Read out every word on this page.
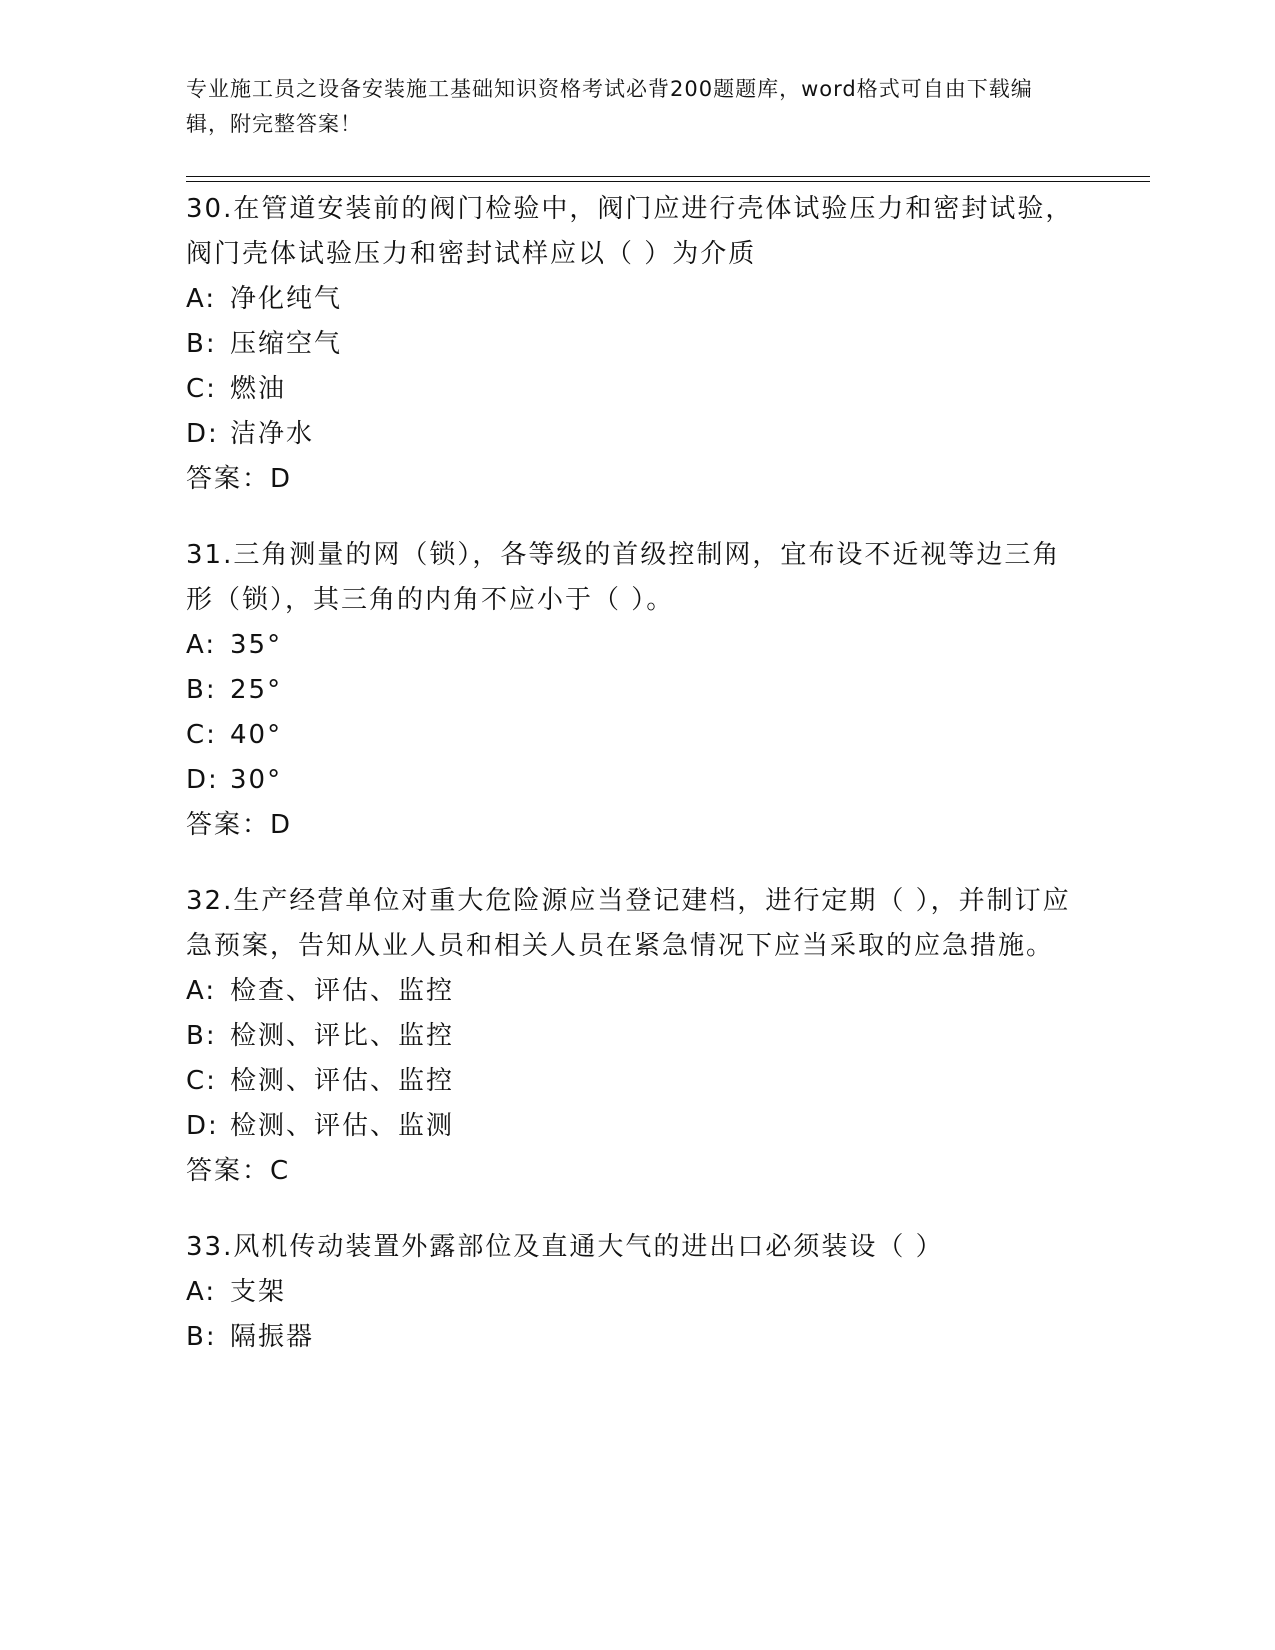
专业施工员之设备安装施工基础知识资格考试必背200题题库，word格式可自由下载编辑，附完整答案！
30.在管道安装前的阀门检验中，阀门应进行壳体试验压力和密封试验，阀门壳体试验压力和密封试样应以（ ）为介质
A: 净化纯气
B: 压缩空气
C: 燃油
D: 洁净水
答案：D
31.三角测量的网（锁），各等级的首级控制网，宜布设不近视等边三角形（锁），其三角的内角不应小于（ ）。
A: 35°
B: 25°
C: 40°
D: 30°
答案：D
32.生产经营单位对重大危险源应当登记建档，进行定期（ ），并制订应急预案，告知从业人员和相关人员在紧急情况下应当采取的应急措施。
A: 检查、评估、监控
B: 检测、评比、监控
C: 检测、评估、监控
D: 检测、评估、监测
答案：C
33.风机传动装置外露部位及直通大气的进出口必须装设（ ）
A: 支架
B: 隔振器
